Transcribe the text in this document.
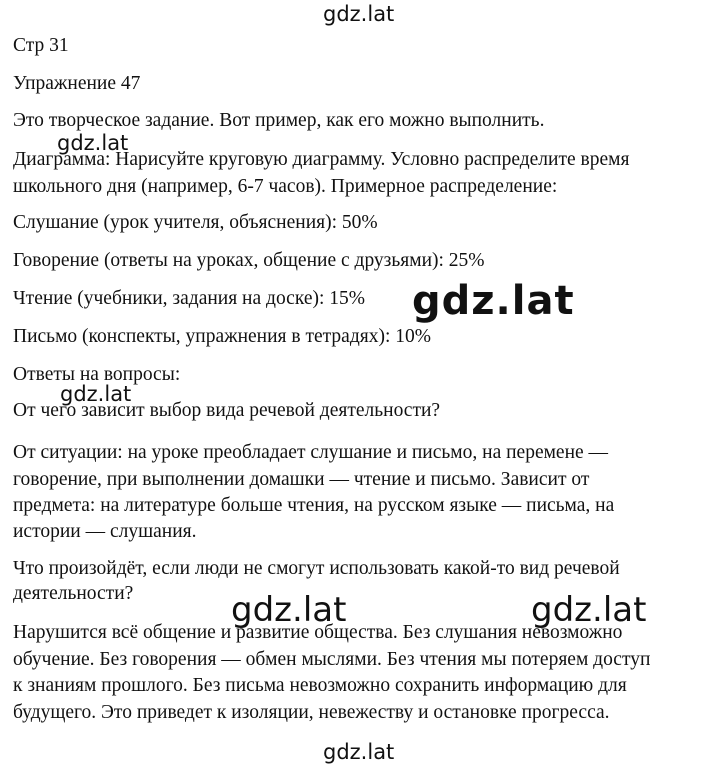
Стр 31

Упражнение 47

Это творческое задание. Вот пример, как его можно выполнить.

Диаграмма: Нарисуйте круговую диаграмму. Условно распределите время

школьного дня (например, 6-7 часов). Примерное распределение:

Слушание (урок учителя, объяснения): 50%

Говорение (ответы на уроках, общение с друзьями): 25%

Чтение (учебники, задания на доске): 15%

Письмо (конспекты, упражнения в тетрадях): 10%

Ответы на вопросы:

От чего зависит выбор вида речевой деятельности?

От ситуации: на уроке преобладает слушание и письмо, на перемене —

говорение, при выполнении домашки — чтение и письмо. Зависит от

предмета: на литературе больше чтения, на русском языке — письма, на

истории — слушания.

Что произойдёт, если люди не смогут использовать какой-то вид речевой

деятельности?

Нарушится всё общение и развитие общества. Без слушания невозможно

обучение. Без говорения — обмен мыслями. Без чтения мы потеряем доступ

к знаниям прошлого. Без письма невозможно сохранить информацию для

будущего. Это приведет к изоляции, невежеству и остановке прогресса.

gdz.lat
gdz.lat
gdz.lat
gdz.lat
gdz.lat	gdz.lat
gdz.lat
